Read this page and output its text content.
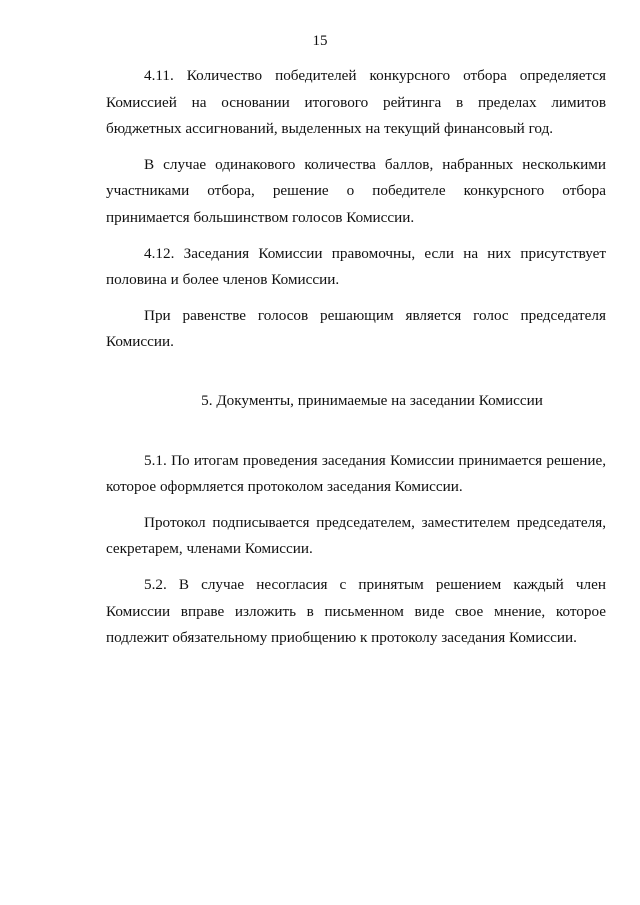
15

4.11. Количество победителей конкурсного отбора определяется Комиссией на основании итогового рейтинга в пределах лимитов бюджетных ассигнований, выделенных на текущий финансовый год.

В случае одинакового количества баллов, набранных несколькими участниками отбора, решение о победителе конкурсного отбора принимается большинством голосов Комиссии.

4.12. Заседания Комиссии правомочны, если на них присутствует половина и более членов Комиссии.

При равенстве голосов решающим является голос председателя Комиссии.

5. Документы, принимаемые на заседании Комиссии

5.1. По итогам проведения заседания Комиссии принимается решение, которое оформляется протоколом заседания Комиссии.

Протокол подписывается председателем, заместителем председателя, секретарем, членами Комиссии.

5.2. В случае несогласия с принятым решением каждый член Комиссии вправе изложить в письменном виде свое мнение, которое подлежит обязательному приобщению к протоколу заседания Комиссии.
